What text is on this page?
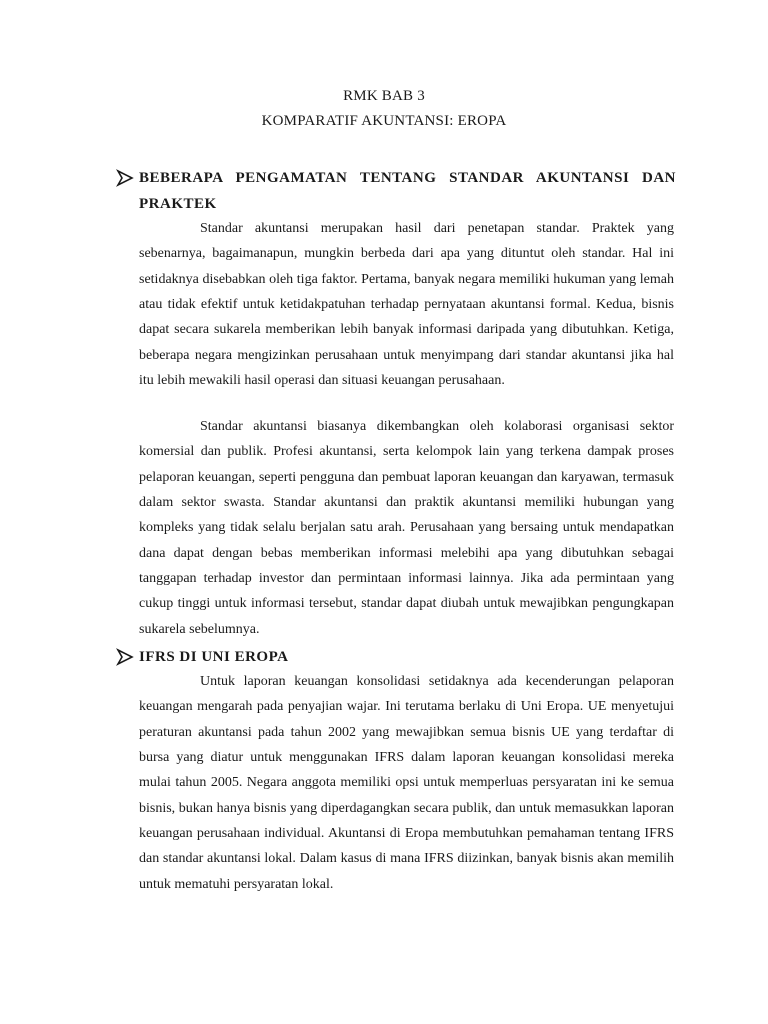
RMK BAB 3
KOMPARATIF AKUNTANSI: EROPA
BEBERAPA PENGAMATAN TENTANG STANDAR AKUNTANSI DAN PRAKTEK

Standar akuntansi merupakan hasil dari penetapan standar. Praktek yang sebenarnya, bagaimanapun, mungkin berbeda dari apa yang dituntut oleh standar. Hal ini setidaknya disebabkan oleh tiga faktor. Pertama, banyak negara memiliki hukuman yang lemah atau tidak efektif untuk ketidakpatuhan terhadap pernyataan akuntansi formal. Kedua, bisnis dapat secara sukarela memberikan lebih banyak informasi daripada yang dibutuhkan. Ketiga, beberapa negara mengizinkan perusahaan untuk menyimpang dari standar akuntansi jika hal itu lebih mewakili hasil operasi dan situasi keuangan perusahaan.

Standar akuntansi biasanya dikembangkan oleh kolaborasi organisasi sektor komersial dan publik. Profesi akuntansi, serta kelompok lain yang terkena dampak proses pelaporan keuangan, seperti pengguna dan pembuat laporan keuangan dan karyawan, termasuk dalam sektor swasta. Standar akuntansi dan praktik akuntansi memiliki hubungan yang kompleks yang tidak selalu berjalan satu arah. Perusahaan yang bersaing untuk mendapatkan dana dapat dengan bebas memberikan informasi melebihi apa yang dibutuhkan sebagai tanggapan terhadap investor dan permintaan informasi lainnya. Jika ada permintaan yang cukup tinggi untuk informasi tersebut, standar dapat diubah untuk mewajibkan pengungkapan sukarela sebelumnya.

IFRS DI UNI EROPA

Untuk laporan keuangan konsolidasi setidaknya ada kecenderungan pelaporan keuangan mengarah pada penyajian wajar. Ini terutama berlaku di Uni Eropa. UE menyetujui peraturan akuntansi pada tahun 2002 yang mewajibkan semua bisnis UE yang terdaftar di bursa yang diatur untuk menggunakan IFRS dalam laporan keuangan konsolidasi mereka mulai tahun 2005. Negara anggota memiliki opsi untuk memperluas persyaratan ini ke semua bisnis, bukan hanya bisnis yang diperdagangkan secara publik, dan untuk memasukkan laporan keuangan perusahaan individual. Akuntansi di Eropa membutuhkan pemahaman tentang IFRS dan standar akuntansi lokal. Dalam kasus di mana IFRS diizinkan, banyak bisnis akan memilih untuk mematuhi persyaratan lokal.
